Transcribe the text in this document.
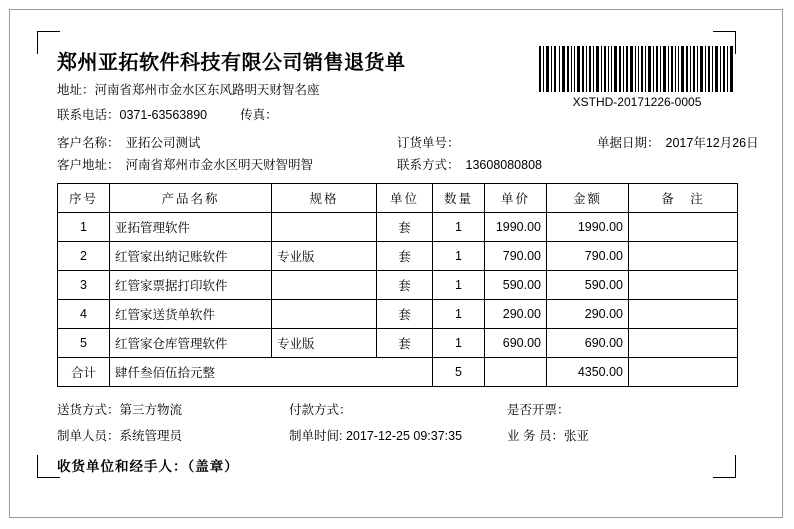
郑州亚拓软件科技有限公司销售退货单
XSTHD-20171226-0005
地址：河南省郑州市金水区东风路明天财智名座
联系电话：0371-63563890	传真：
客户名称： 亚拓公司测试
客户地址： 河南省郑州市金水区明天财智明智
订货单号：
联系方式： 13608080808
单据日期： 2017年12月26日
序号	产品名称	规格	单位	数量	单价	金额	备　注
1	亚拓管理软件		套	1	1990.00	1990.00	
2	红管家出纳记账软件	专业版	套	1	790.00	790.00	
3	红管家票据打印软件		套	1	590.00	590.00	
4	红管家送货单软件		套	1	290.00	290.00	
5	红管家仓库管理软件	专业版	套	1	690.00	690.00	
合计	肆仟叁佰伍拾元整			5		4350.00	
送货方式：第三方物流	付款方式：	是否开票：
制单人员：系统管理员	制单时间: 2017-12-25 09:37:35	业 务 员：张亚
收货单位和经手人：（盖章）
